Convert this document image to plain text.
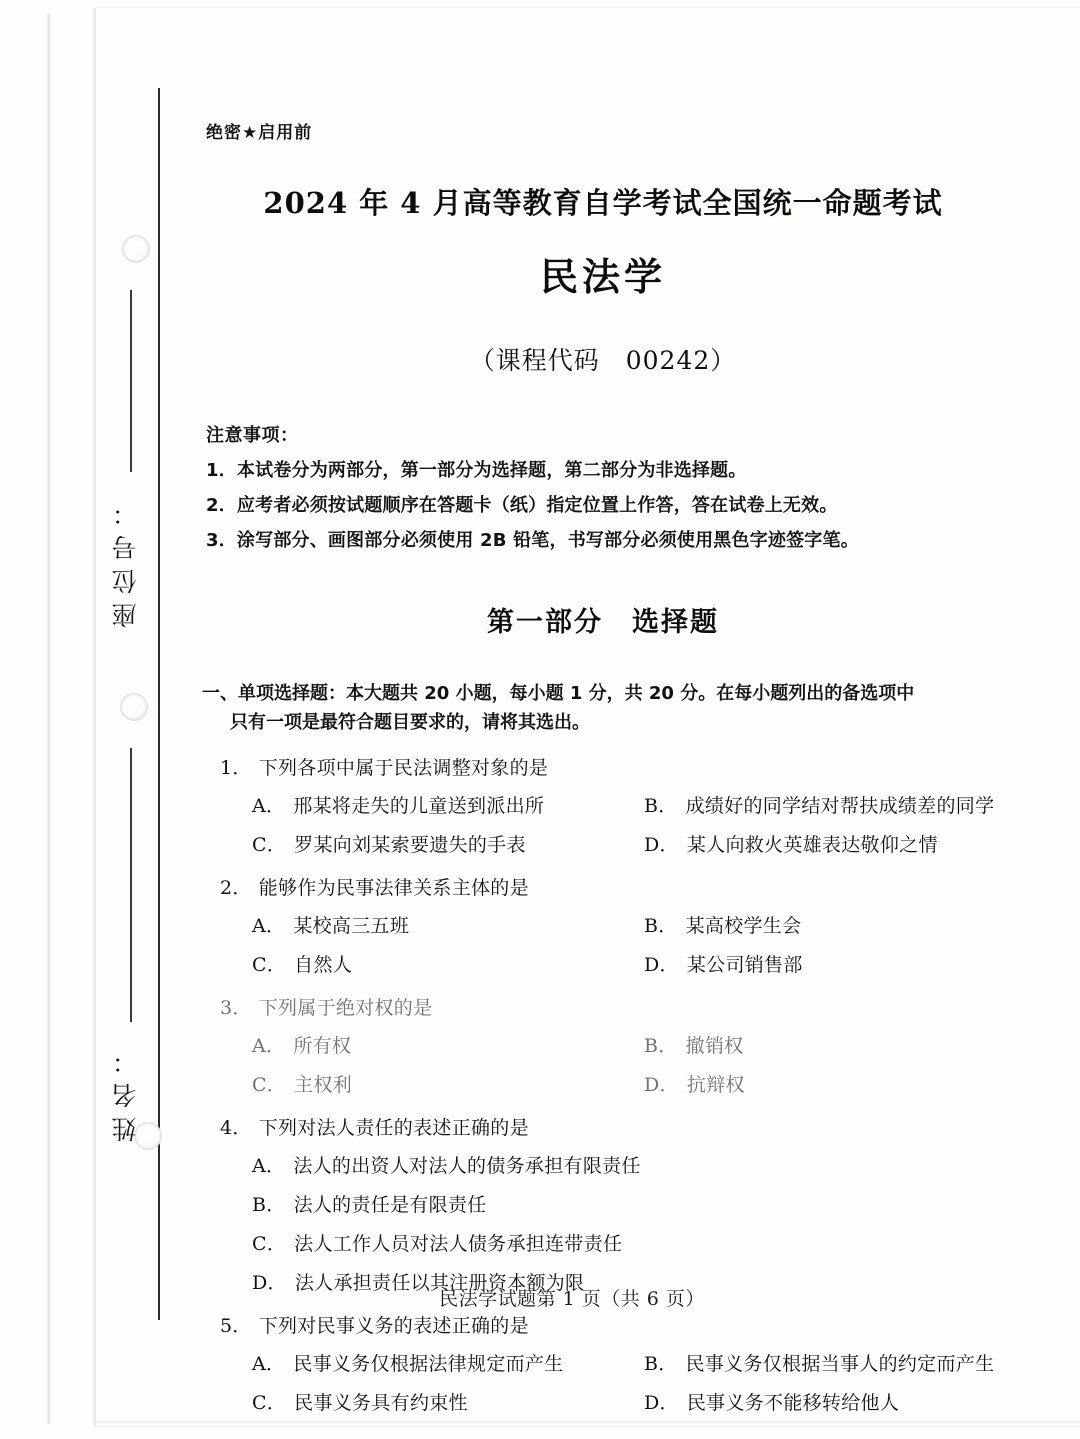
座位号：
姓名：
绝密★启用前
2024 年 4 月高等教育自学考试全国统一命题考试
民法学
（课程代码　00242）
注意事项：
1．本试卷分为两部分，第一部分为选择题，第二部分为非选择题。
2．应考者必须按试题顺序在答题卡（纸）指定位置上作答，答在试卷上无效。
3．涂写部分、画图部分必须使用 2B 铅笔，书写部分必须使用黑色字迹签字笔。
第一部分　选择题
一、单项选择题：本大题共 20 小题，每小题 1 分，共 20 分。在每小题列出的备选项中
只有一项是最符合题目要求的，请将其选出。
1． 下列各项中属于民法调整对象的是
A． 邢某将走失的儿童送到派出所	B． 成绩好的同学结对帮扶成绩差的同学
C． 罗某向刘某索要遗失的手表	D． 某人向救火英雄表达敬仰之情
2． 能够作为民事法律关系主体的是
A． 某校高三五班	B． 某高校学生会
C． 自然人	D． 某公司销售部
3． 下列属于绝对权的是
A． 所有权	B． 撤销权
C． 主权利	D． 抗辩权
4． 下列对法人责任的表述正确的是
A． 法人的出资人对法人的债务承担有限责任
B． 法人的责任是有限责任
C． 法人工作人员对法人债务承担连带责任
D． 法人承担责任以其注册资本额为限
5． 下列对民事义务的表述正确的是
A． 民事义务仅根据法律规定而产生	B． 民事义务仅根据当事人的约定而产生
C． 民事义务具有约束性	D． 民事义务不能移转给他人
民法学试题第 1 页（共 6 页）
